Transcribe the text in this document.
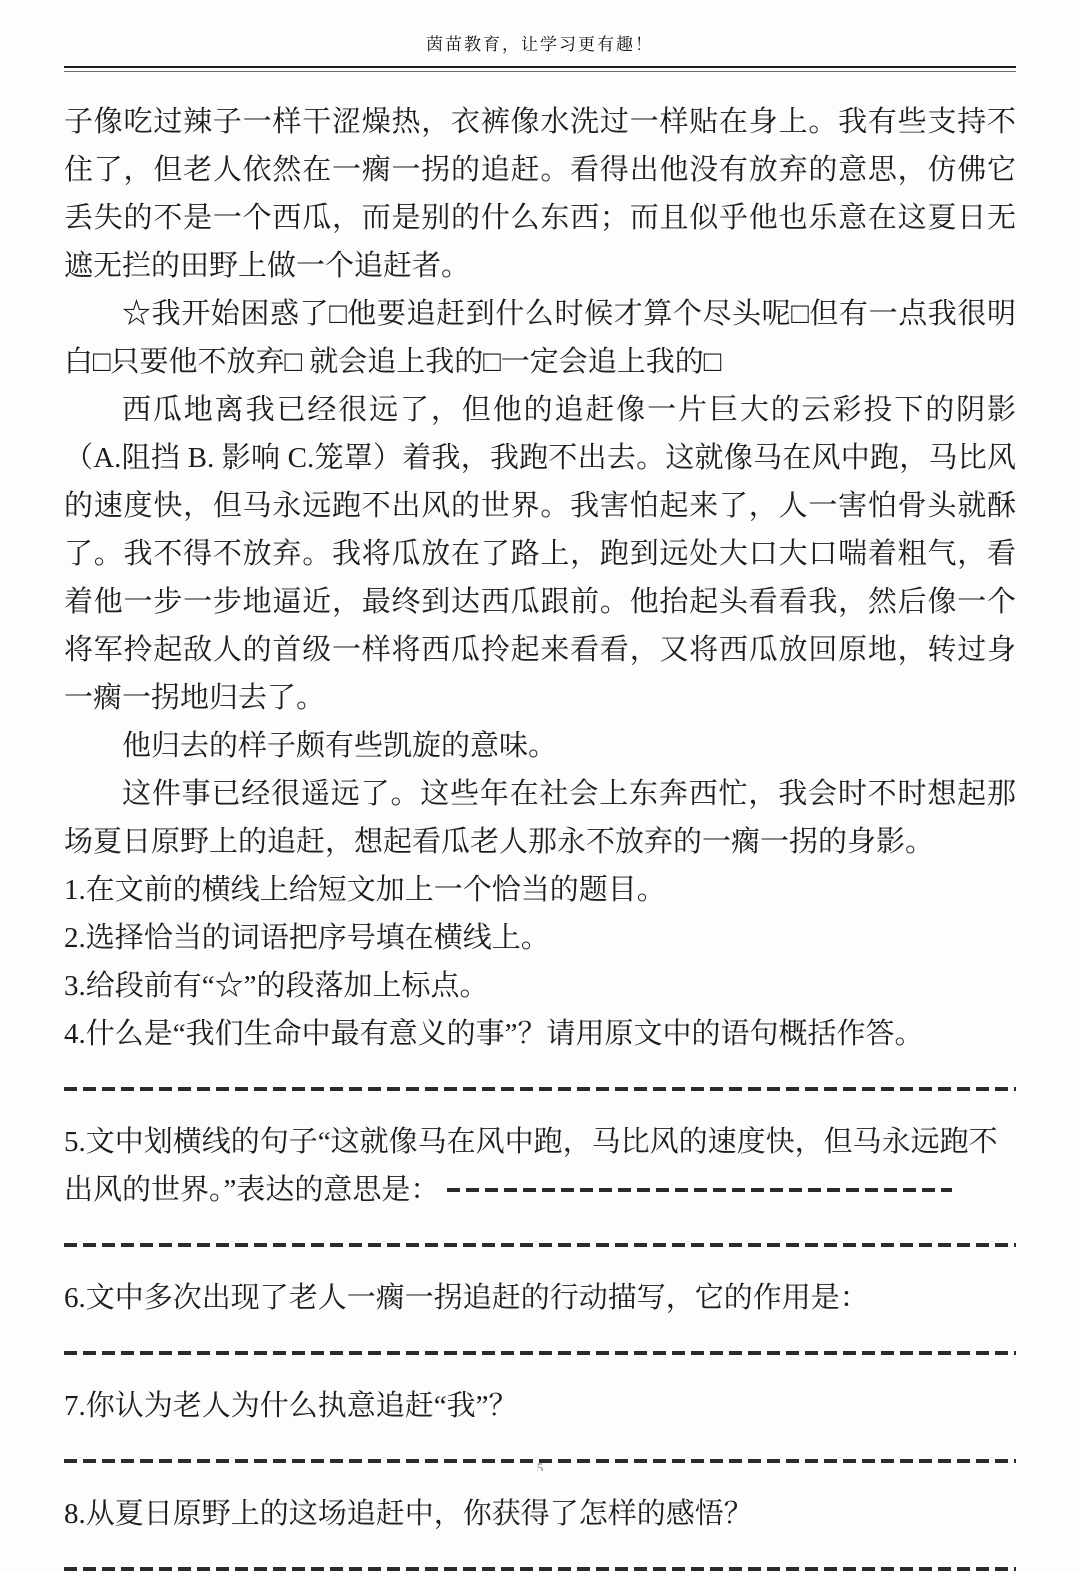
茵苗教育，让学习更有趣！

子像吃过辣子一样干涩燥热，衣裤像水洗过一样贴在身上。我有些支持不住了，但老人依然在一瘸一拐的追赶。看得出他没有放弃的意思，仿佛它丢失的不是一个西瓜，而是别的什么东西；而且似乎他也乐意在这夏日无遮无拦的田野上做一个追赶者。

☆我开始困惑了□他要追赶到什么时候才算个尽头呢□但有一点我很明白□只要他不放弃□ 就会追上我的□一定会追上我的□

西瓜地离我已经很远了，但他的追赶像一片巨大的云彩投下的阴影（A.阻挡 B. 影响 C.笼罩）着我，我跑不出去。这就像马在风中跑，马比风的速度快，但马永远跑不出风的世界。我害怕起来了，人一害怕骨头就酥了。我不得不放弃。我将瓜放在了路上，跑到远处大口大口喘着粗气，看着他一步一步地逼近，最终到达西瓜跟前。他抬起头看看我，然后像一个将军拎起敌人的首级一样将西瓜拎起来看看，又将西瓜放回原地，转过身一瘸一拐地归去了。

他归去的样子颇有些凯旋的意味。

这件事已经很遥远了。这些年在社会上东奔西忙，我会时不时想起那场夏日原野上的追赶，想起看瓜老人那永不放弃的一瘸一拐的身影。

1.在文前的横线上给短文加上一个恰当的题目。

2.选择恰当的词语把序号填在横线上。

3.给段前有“☆”的段落加上标点。

4.什么是“我们生命中最有意义的事”？请用原文中的语句概括作答。

5.文中划横线的句子“这就像马在风中跑，马比风的速度快，但马永远跑不出风的世界。”表达的意思是：

6.文中多次出现了老人一瘸一拐追赶的行动描写，它的作用是：

7.你认为老人为什么执意追赶“我”？

8.从夏日原野上的这场追赶中，你获得了怎样的感悟？

5
